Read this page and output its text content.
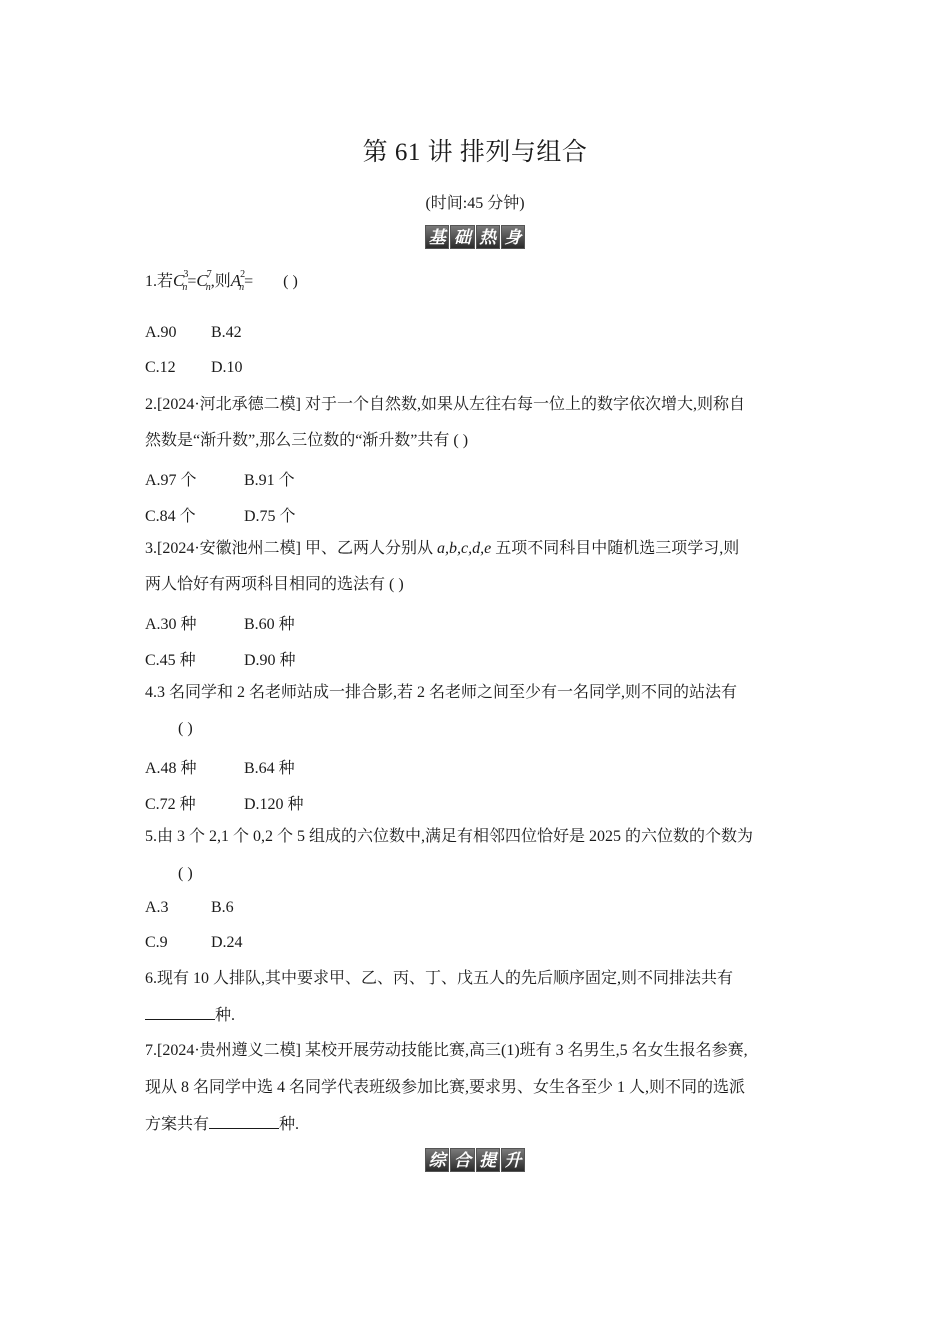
第 61 讲 排列与组合
(时间:45 分钟)
基 础 热 身
1.若$C^3_n=C^7_n$,则$A^2_n=$ ( )
A.90 B.42
C.12 D.10
2.[2024·河北承德二模] 对于一个自然数,如果从左往右每一位上的数字依次增大,则称自
然数是“渐升数”,那么三位数的“渐升数”共有 ( )
A.97 个	B.91 个
C.84 个	D.75 个
3.[2024·安徽池州二模] 甲、乙两人分别从 a,b,c,d,e 五项不同科目中随机选三项学习,则
两人恰好有两项科目相同的选法有 ( )
A.30 种	B.60 种
C.45 种	D.90 种
4.3 名同学和 2 名老师站成一排合影,若 2 名老师之间至少有一名同学,则不同的站法有
( )
A.48 种	B.64 种
C.72 种	D.120 种
5.由 3 个 2,1 个 0,2 个 5 组成的六位数中,满足有相邻四位恰好是 2025 的六位数的个数为
( )
A.3	B.6
C.9	D.24
6.现有 10 人排队,其中要求甲、乙、丙、丁、戊五人的先后顺序固定,则不同排法共有
种.
7.[2024·贵州遵义二模] 某校开展劳动技能比赛,高三(1)班有 3 名男生,5 名女生报名参赛,
现从 8 名同学中选 4 名同学代表班级参加比赛,要求男、女生各至少 1 人,则不同的选派
方案共有	种.
综 合 提 升
